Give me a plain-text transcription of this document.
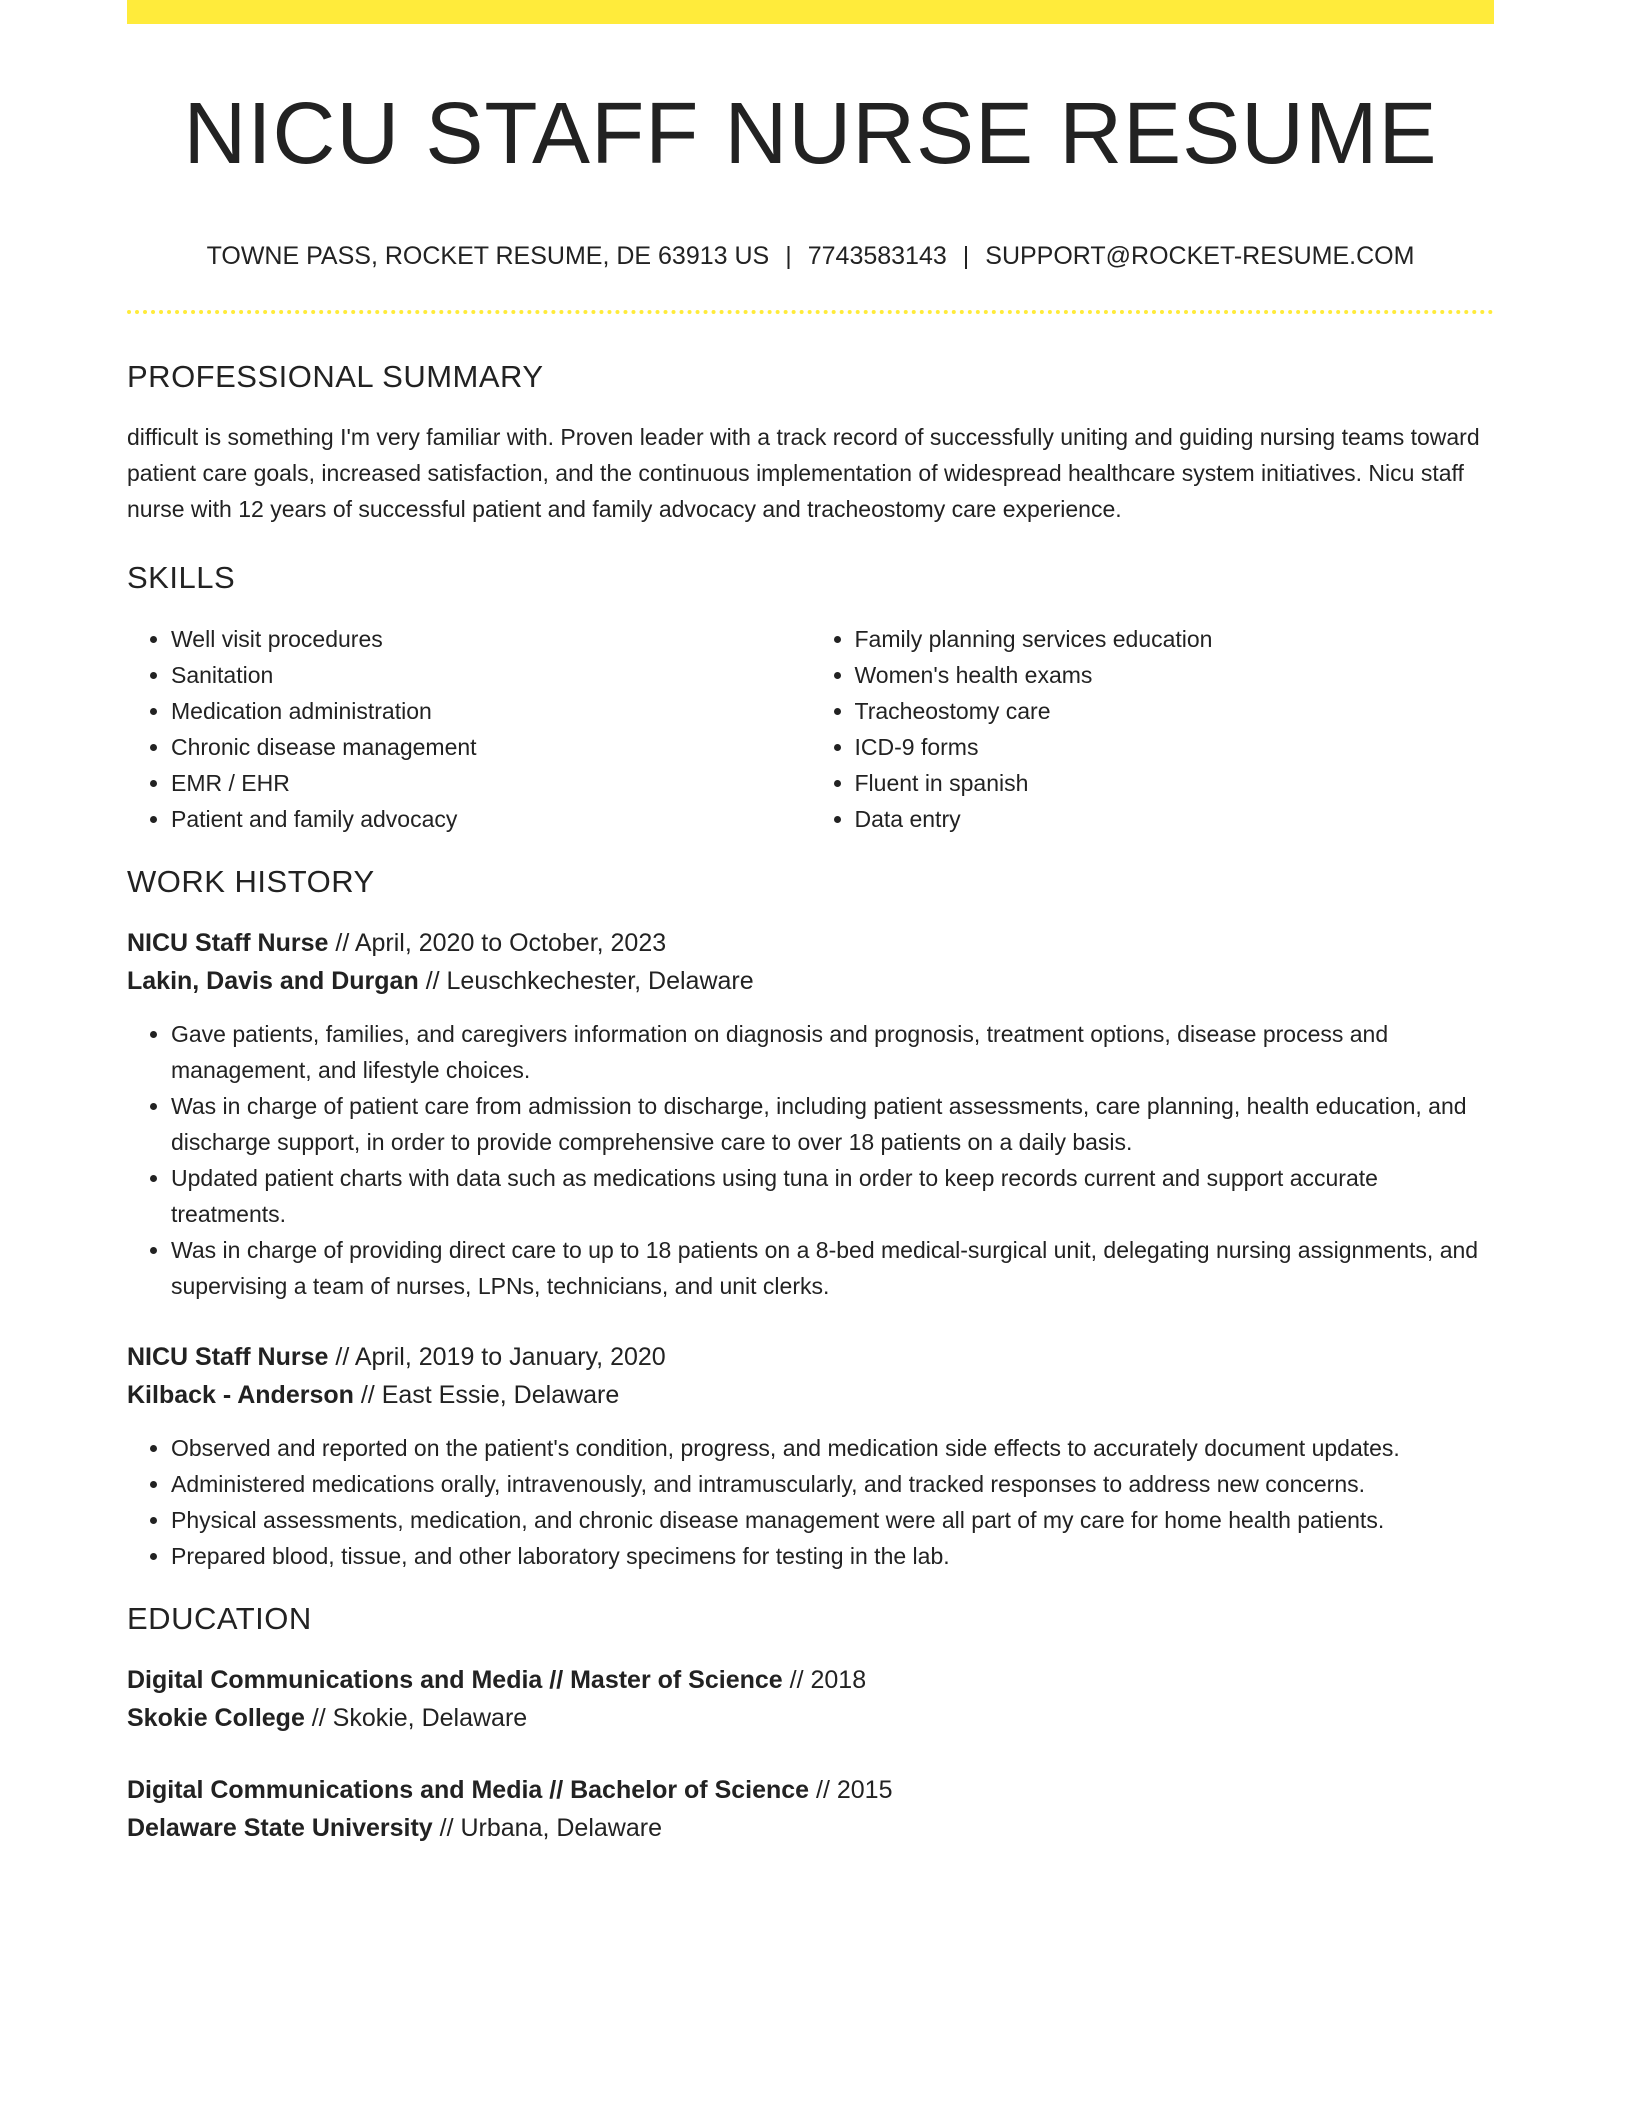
NICU STAFF NURSE RESUME
TOWNE PASS, ROCKET RESUME, DE 63913 US | 7743583143 | SUPPORT@ROCKET-RESUME.COM
PROFESSIONAL SUMMARY
difficult is something I'm very familiar with. Proven leader with a track record of successfully uniting and guiding nursing teams toward patient care goals, increased satisfaction, and the continuous implementation of widespread healthcare system initiatives. Nicu staff nurse with 12 years of successful patient and family advocacy and tracheostomy care experience.
SKILLS
• Well visit procedures
• Sanitation
• Medication administration
• Chronic disease management
• EMR / EHR
• Patient and family advocacy
• Family planning services education
• Women's health exams
• Tracheostomy care
• ICD-9 forms
• Fluent in spanish
• Data entry
WORK HISTORY
NICU Staff Nurse // April, 2020 to October, 2023
Lakin, Davis and Durgan // Leuschkechester, Delaware
• Gave patients, families, and caregivers information on diagnosis and prognosis, treatment options, disease process and management, and lifestyle choices.
• Was in charge of patient care from admission to discharge, including patient assessments, care planning, health education, and discharge support, in order to provide comprehensive care to over 18 patients on a daily basis.
• Updated patient charts with data such as medications using tuna in order to keep records current and support accurate treatments.
• Was in charge of providing direct care to up to 18 patients on a 8-bed medical-surgical unit, delegating nursing assignments, and supervising a team of nurses, LPNs, technicians, and unit clerks.
NICU Staff Nurse // April, 2019 to January, 2020
Kilback - Anderson // East Essie, Delaware
• Observed and reported on the patient's condition, progress, and medication side effects to accurately document updates.
• Administered medications orally, intravenously, and intramuscularly, and tracked responses to address new concerns.
• Physical assessments, medication, and chronic disease management were all part of my care for home health patients.
• Prepared blood, tissue, and other laboratory specimens for testing in the lab.
EDUCATION
Digital Communications and Media // Master of Science // 2018
Skokie College // Skokie, Delaware
Digital Communications and Media // Bachelor of Science // 2015
Delaware State University // Urbana, Delaware
